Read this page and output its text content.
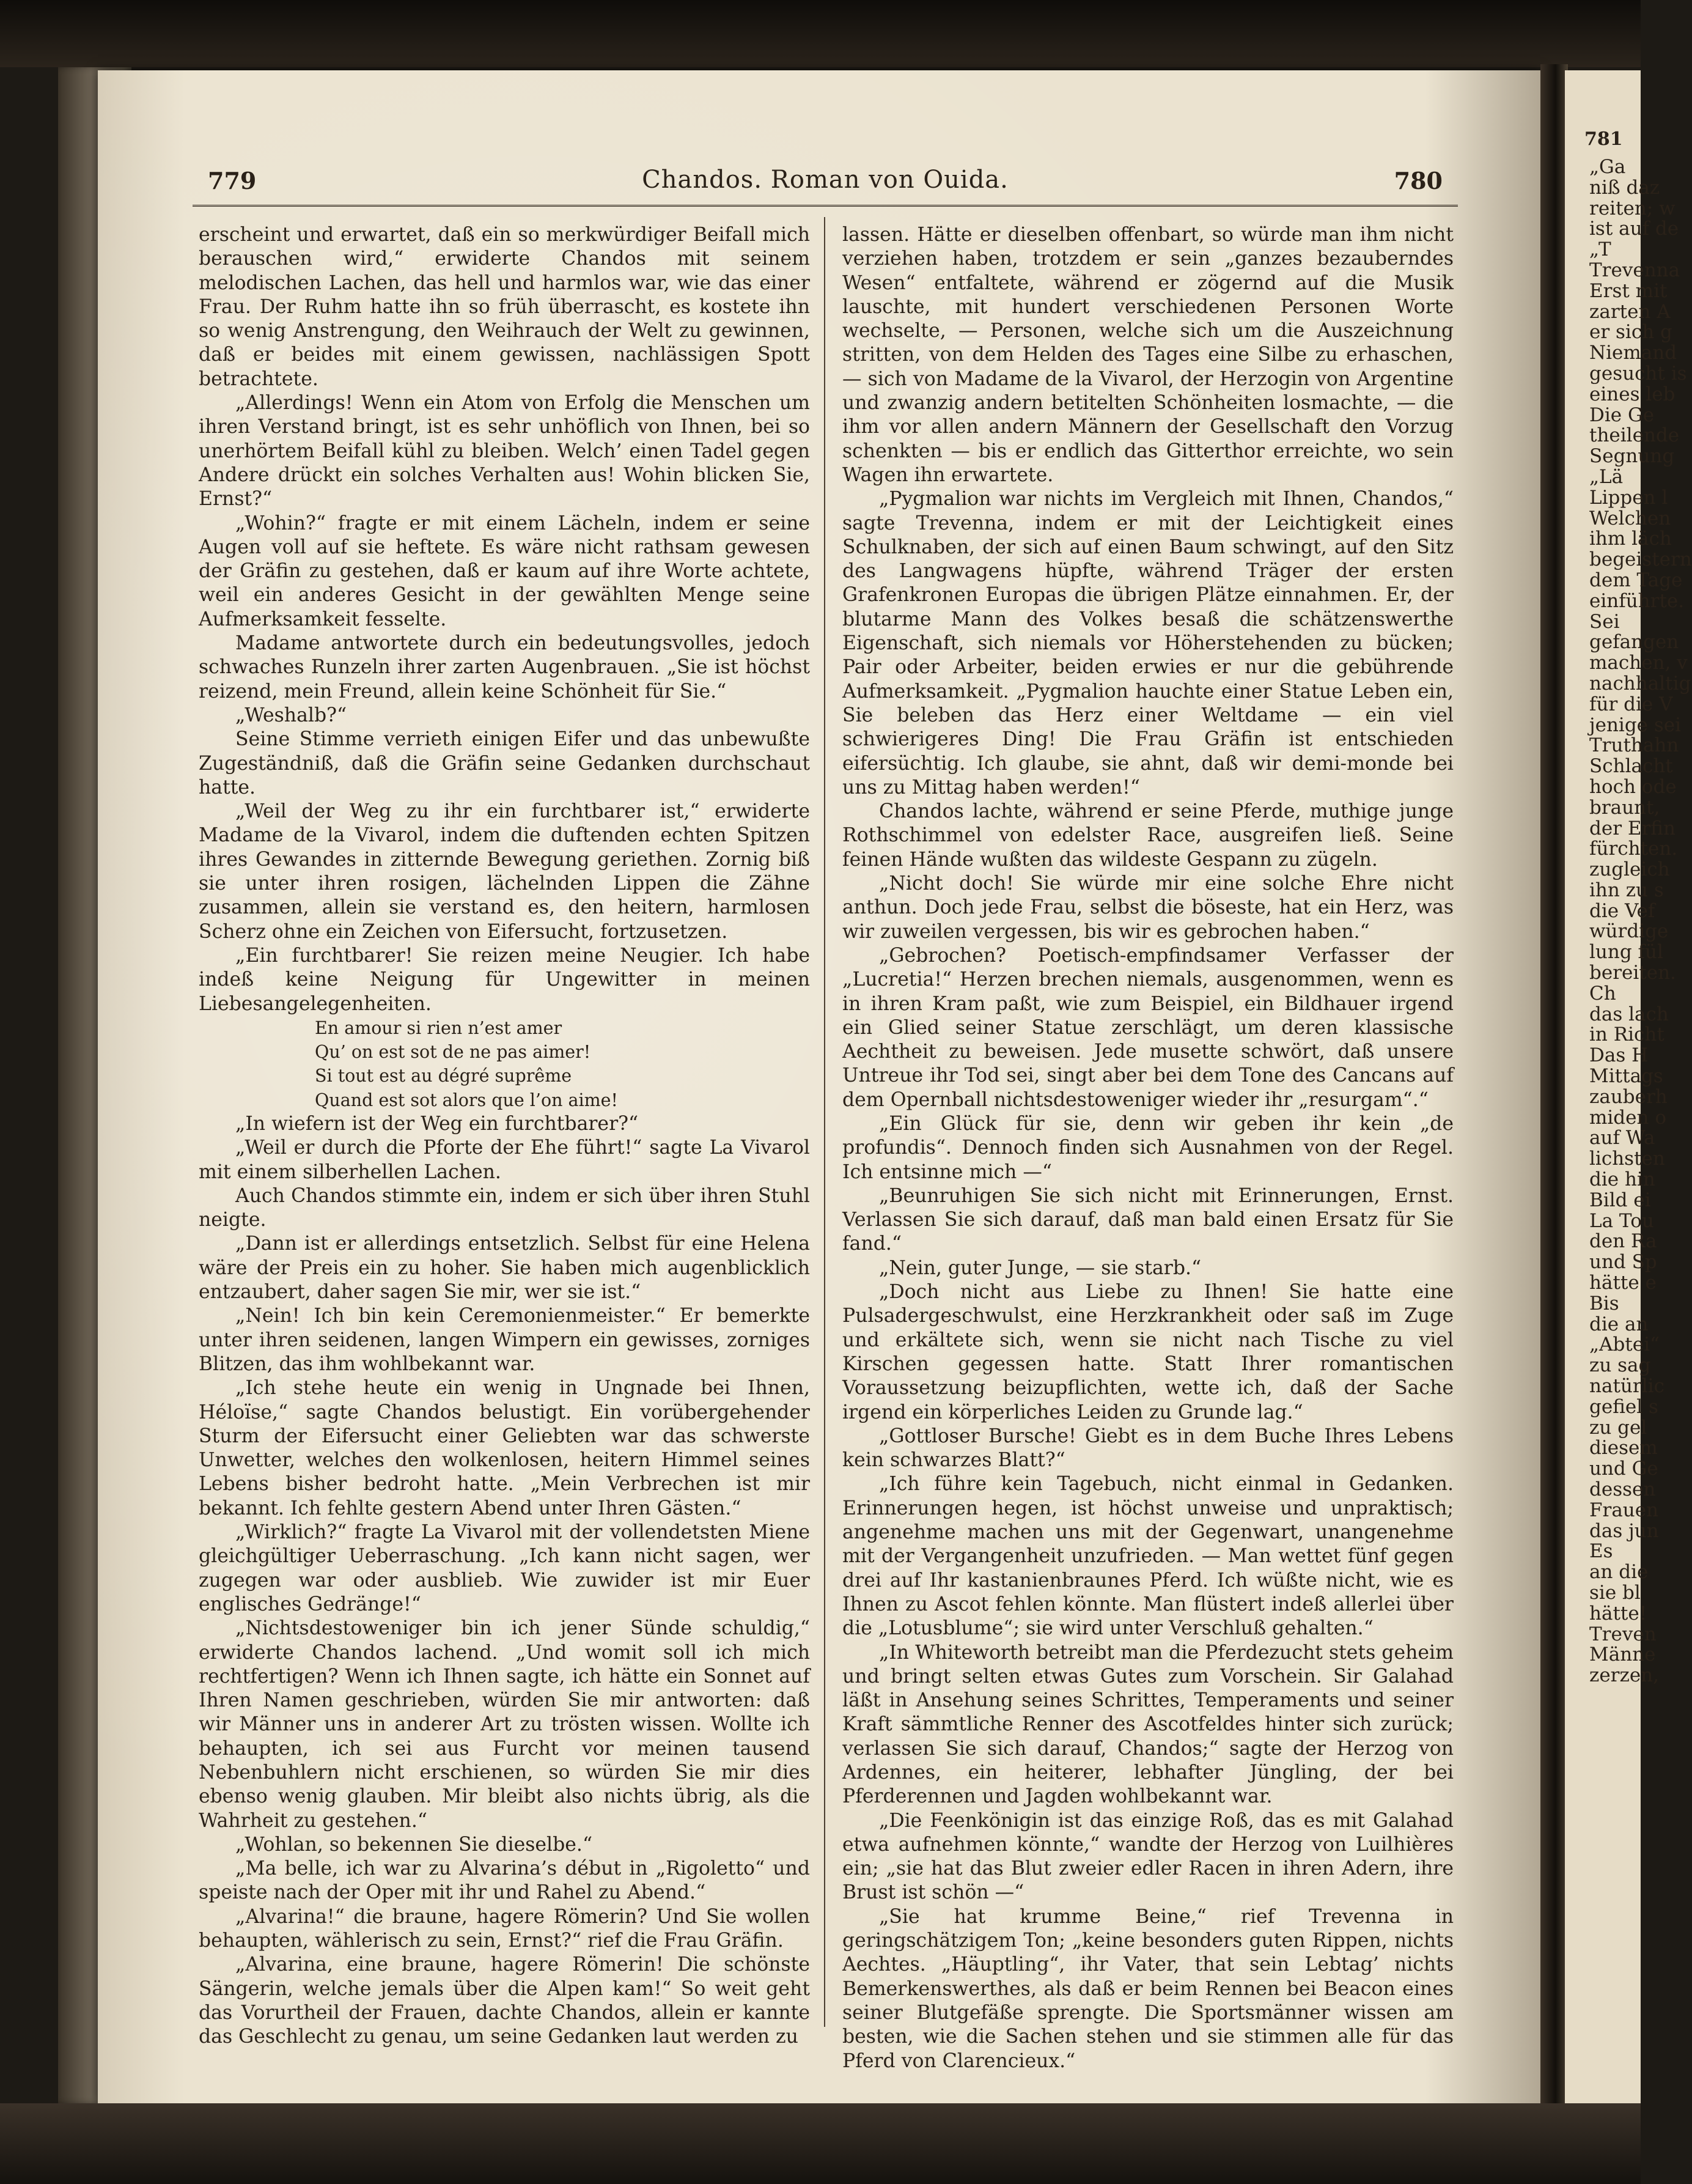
781

„Ga

niß daz

reiten; w

ist auf de

„T

Trevenna

Erst mit

zarten A

er sich g

Niemand

gesucht is

eines leb

Die Ge

theilende

Segnung

„Lä

Lippen l

Welchen

ihm läch

begeistern

dem Tage

einführte.

Sei

gefangen

machen, v

nachhaltig

für die V

jenige sei

Truthahn

Schlacht

hoch ode

braunt,

der Erfin

fürchten.

zugleich

ihn zu s

die Vef

würdige

lung fül

bereiten.

Ch

das lach

in Richt

Das H

Mittags

zauberh

miden o

auf Wa

lichsten

die hin

Bild ei

La Tou

den Ra

und Sp

hätte e

Bis

die an

„Abtei“

zu sag

natürlic

gefiel s

zu gel

diesem

und Ge

dessen

Frauen

das jun

Es

an die

sie bl

hätte!

Treven

Männe

zerzen,

779	Chandos. Roman von Ouida.	780

erscheint und erwartet, daß ein so merkwürdiger Beifall mich berauschen wird,“ erwiderte Chandos mit seinem melodischen Lachen, das hell und harmlos war, wie das einer Frau. Der Ruhm hatte ihn so früh überrascht, es kostete ihn so wenig Anstrengung, den Weihrauch der Welt zu gewinnen, daß er beides mit einem gewissen, nachlässigen Spott betrachtete.

„Allerdings! Wenn ein Atom von Erfolg die Menschen um ihren Verstand bringt, ist es sehr unhöflich von Ihnen, bei so unerhörtem Beifall kühl zu bleiben. Welch’ einen Tadel gegen Andere drückt ein solches Verhalten aus! Wohin blicken Sie, Ernst?“

„Wohin?“ fragte er mit einem Lächeln, indem er seine Augen voll auf sie heftete. Es wäre nicht rathsam gewesen der Gräfin zu gestehen, daß er kaum auf ihre Worte achtete, weil ein anderes Gesicht in der gewählten Menge seine Aufmerksamkeit fesselte.

Madame antwortete durch ein bedeutungsvolles, jedoch schwaches Runzeln ihrer zarten Augenbrauen. „Sie ist höchst reizend, mein Freund, allein keine Schönheit für Sie.“

„Weshalb?“

Seine Stimme verrieth einigen Eifer und das unbewußte Zugeständniß, daß die Gräfin seine Gedanken durchschaut hatte.

„Weil der Weg zu ihr ein furchtbarer ist,“ erwiderte Madame de la Vivarol, indem die duftenden echten Spitzen ihres Gewandes in zitternde Bewegung geriethen. Zornig biß sie unter ihren rosigen, lächelnden Lippen die Zähne zusammen, allein sie verstand es, den heitern, harmlosen Scherz ohne ein Zeichen von Eifersucht, fortzusetzen.

„Ein furchtbarer! Sie reizen meine Neugier. Ich habe indeß keine Neigung für Ungewitter in meinen Liebesangelegenheiten.

En amour si rien n’est amer

Qu’ on est sot de ne pas aimer!

Si tout est au dégré suprême

Quand est sot alors que l’on aime!

„In wiefern ist der Weg ein furchtbarer?“

„Weil er durch die Pforte der Ehe führt!“ sagte La Vivarol mit einem silberhellen Lachen.

Auch Chandos stimmte ein, indem er sich über ihren Stuhl neigte.

„Dann ist er allerdings entsetzlich. Selbst für eine Helena wäre der Preis ein zu hoher. Sie haben mich augenblicklich entzaubert, daher sagen Sie mir, wer sie ist.“

„Nein! Ich bin kein Ceremonienmeister.“ Er bemerkte unter ihren seidenen, langen Wimpern ein gewisses, zorniges Blitzen, das ihm wohlbekannt war.

„Ich stehe heute ein wenig in Ungnade bei Ihnen, Héloïse,“ sagte Chandos belustigt. Ein vorübergehender Sturm der Eifersucht einer Geliebten war das schwerste Unwetter, welches den wolkenlosen, heitern Himmel seines Lebens bisher bedroht hatte. „Mein Verbrechen ist mir bekannt. Ich fehlte gestern Abend unter Ihren Gästen.“

„Wirklich?“ fragte La Vivarol mit der vollendetsten Miene gleichgültiger Ueberraschung. „Ich kann nicht sagen, wer zugegen war oder ausblieb. Wie zuwider ist mir Euer englisches Gedränge!“

„Nichtsdestoweniger bin ich jener Sünde schuldig,“ erwiderte Chandos lachend. „Und womit soll ich mich rechtfertigen? Wenn ich Ihnen sagte, ich hätte ein Sonnet auf Ihren Namen geschrieben, würden Sie mir antworten: daß wir Männer uns in anderer Art zu trösten wissen. Wollte ich behaupten, ich sei aus Furcht vor meinen tausend Nebenbuhlern nicht erschienen, so würden Sie mir dies ebenso wenig glauben. Mir bleibt also nichts übrig, als die Wahrheit zu gestehen.“

„Wohlan, so bekennen Sie dieselbe.“

„Ma belle, ich war zu Alvarina’s début in „Rigoletto“ und speiste nach der Oper mit ihr und Rahel zu Abend.“

„Alvarina!“ die braune, hagere Römerin? Und Sie wollen behaupten, wählerisch zu sein, Ernst?“ rief die Frau Gräfin.

„Alvarina, eine braune, hagere Römerin! Die schönste Sängerin, welche jemals über die Alpen kam!“ So weit geht das Vorurtheil der Frauen, dachte Chandos, allein er kannte das Geschlecht zu genau, um seine Gedanken laut werden zu

lassen. Hätte er dieselben offenbart, so würde man ihm nicht verziehen haben, trotzdem er sein „ganzes bezauberndes Wesen“ entfaltete, während er zögernd auf die Musik lauschte, mit hundert verschiedenen Personen Worte wechselte, — Personen, welche sich um die Auszeichnung stritten, von dem Helden des Tages eine Silbe zu erhaschen, — sich von Madame de la Vivarol, der Herzogin von Argentine und zwanzig andern betitelten Schönheiten losmachte, — die ihm vor allen andern Männern der Gesellschaft den Vorzug schenkten — bis er endlich das Gitterthor erreichte, wo sein Wagen ihn erwartete.

„Pygmalion war nichts im Vergleich mit Ihnen, Chandos,“ sagte Trevenna, indem er mit der Leichtigkeit eines Schulknaben, der sich auf einen Baum schwingt, auf den Sitz des Langwagens hüpfte, während Träger der ersten Grafenkronen Europas die übrigen Plätze einnahmen. Er, der blutarme Mann des Volkes besaß die schätzenswerthe Eigenschaft, sich niemals vor Höherstehenden zu bücken; Pair oder Arbeiter, beiden erwies er nur die gebührende Aufmerksamkeit. „Pygmalion hauchte einer Statue Leben ein, Sie beleben das Herz einer Weltdame — ein viel schwierigeres Ding! Die Frau Gräfin ist entschieden eifersüchtig. Ich glaube, sie ahnt, daß wir demi-monde bei uns zu Mittag haben werden!“

Chandos lachte, während er seine Pferde, muthige junge Rothschimmel von edelster Race, ausgreifen ließ. Seine feinen Hände wußten das wildeste Gespann zu zügeln.

„Nicht doch! Sie würde mir eine solche Ehre nicht anthun. Doch jede Frau, selbst die böseste, hat ein Herz, was wir zuweilen vergessen, bis wir es gebrochen haben.“

„Gebrochen? Poetisch-empfindsamer Verfasser der „Lucretia!“ Herzen brechen niemals, ausgenommen, wenn es in ihren Kram paßt, wie zum Beispiel, ein Bildhauer irgend ein Glied seiner Statue zerschlägt, um deren klassische Aechtheit zu beweisen. Jede musette schwört, daß unsere Untreue ihr Tod sei, singt aber bei dem Tone des Cancans auf dem Opernball nichtsdestoweniger wieder ihr „resurgam“.“

„Ein Glück für sie, denn wir geben ihr kein „de profundis“. Dennoch finden sich Ausnahmen von der Regel. Ich entsinne mich —“

„Beunruhigen Sie sich nicht mit Erinnerungen, Ernst. Verlassen Sie sich darauf, daß man bald einen Ersatz für Sie fand.“

„Nein, guter Junge, — sie starb.“

„Doch nicht aus Liebe zu Ihnen! Sie hatte eine Pulsadergeschwulst, eine Herzkrankheit oder saß im Zuge und erkältete sich, wenn sie nicht nach Tische zu viel Kirschen gegessen hatte. Statt Ihrer romantischen Voraussetzung beizupflichten, wette ich, daß der Sache irgend ein körperliches Leiden zu Grunde lag.“

„Gottloser Bursche! Giebt es in dem Buche Ihres Lebens kein schwarzes Blatt?“

„Ich führe kein Tagebuch, nicht einmal in Gedanken. Erinnerungen hegen, ist höchst unweise und unpraktisch; angenehme machen uns mit der Gegenwart, unangenehme mit der Vergangenheit unzufrieden. — Man wettet fünf gegen drei auf Ihr kastanienbraunes Pferd. Ich wüßte nicht, wie es Ihnen zu Ascot fehlen könnte. Man flüstert indeß allerlei über die „Lotusblume“; sie wird unter Verschluß gehalten.“

„In Whiteworth betreibt man die Pferdezucht stets geheim und bringt selten etwas Gutes zum Vorschein. Sir Galahad läßt in Ansehung seines Schrittes, Temperaments und seiner Kraft sämmtliche Renner des Ascotfeldes hinter sich zurück; verlassen Sie sich darauf, Chandos;“ sagte der Herzog von Ardennes, ein heiterer, lebhafter Jüngling, der bei Pferderennen und Jagden wohlbekannt war.

„Die Feenkönigin ist das einzige Roß, das es mit Galahad etwa aufnehmen könnte,“ wandte der Herzog von Luilhières ein; „sie hat das Blut zweier edler Racen in ihren Adern, ihre Brust ist schön —“

„Sie hat krumme Beine,“ rief Trevenna in geringschätzigem Ton; „keine besonders guten Rippen, nichts Aechtes. „Häuptling“, ihr Vater, that sein Lebtag’ nichts Bemerkenswerthes, als daß er beim Rennen bei Beacon eines seiner Blutgefäße sprengte. Die Sportsmänner wissen am besten, wie die Sachen stehen und sie stimmen alle für das Pferd von Clarencieux.“
